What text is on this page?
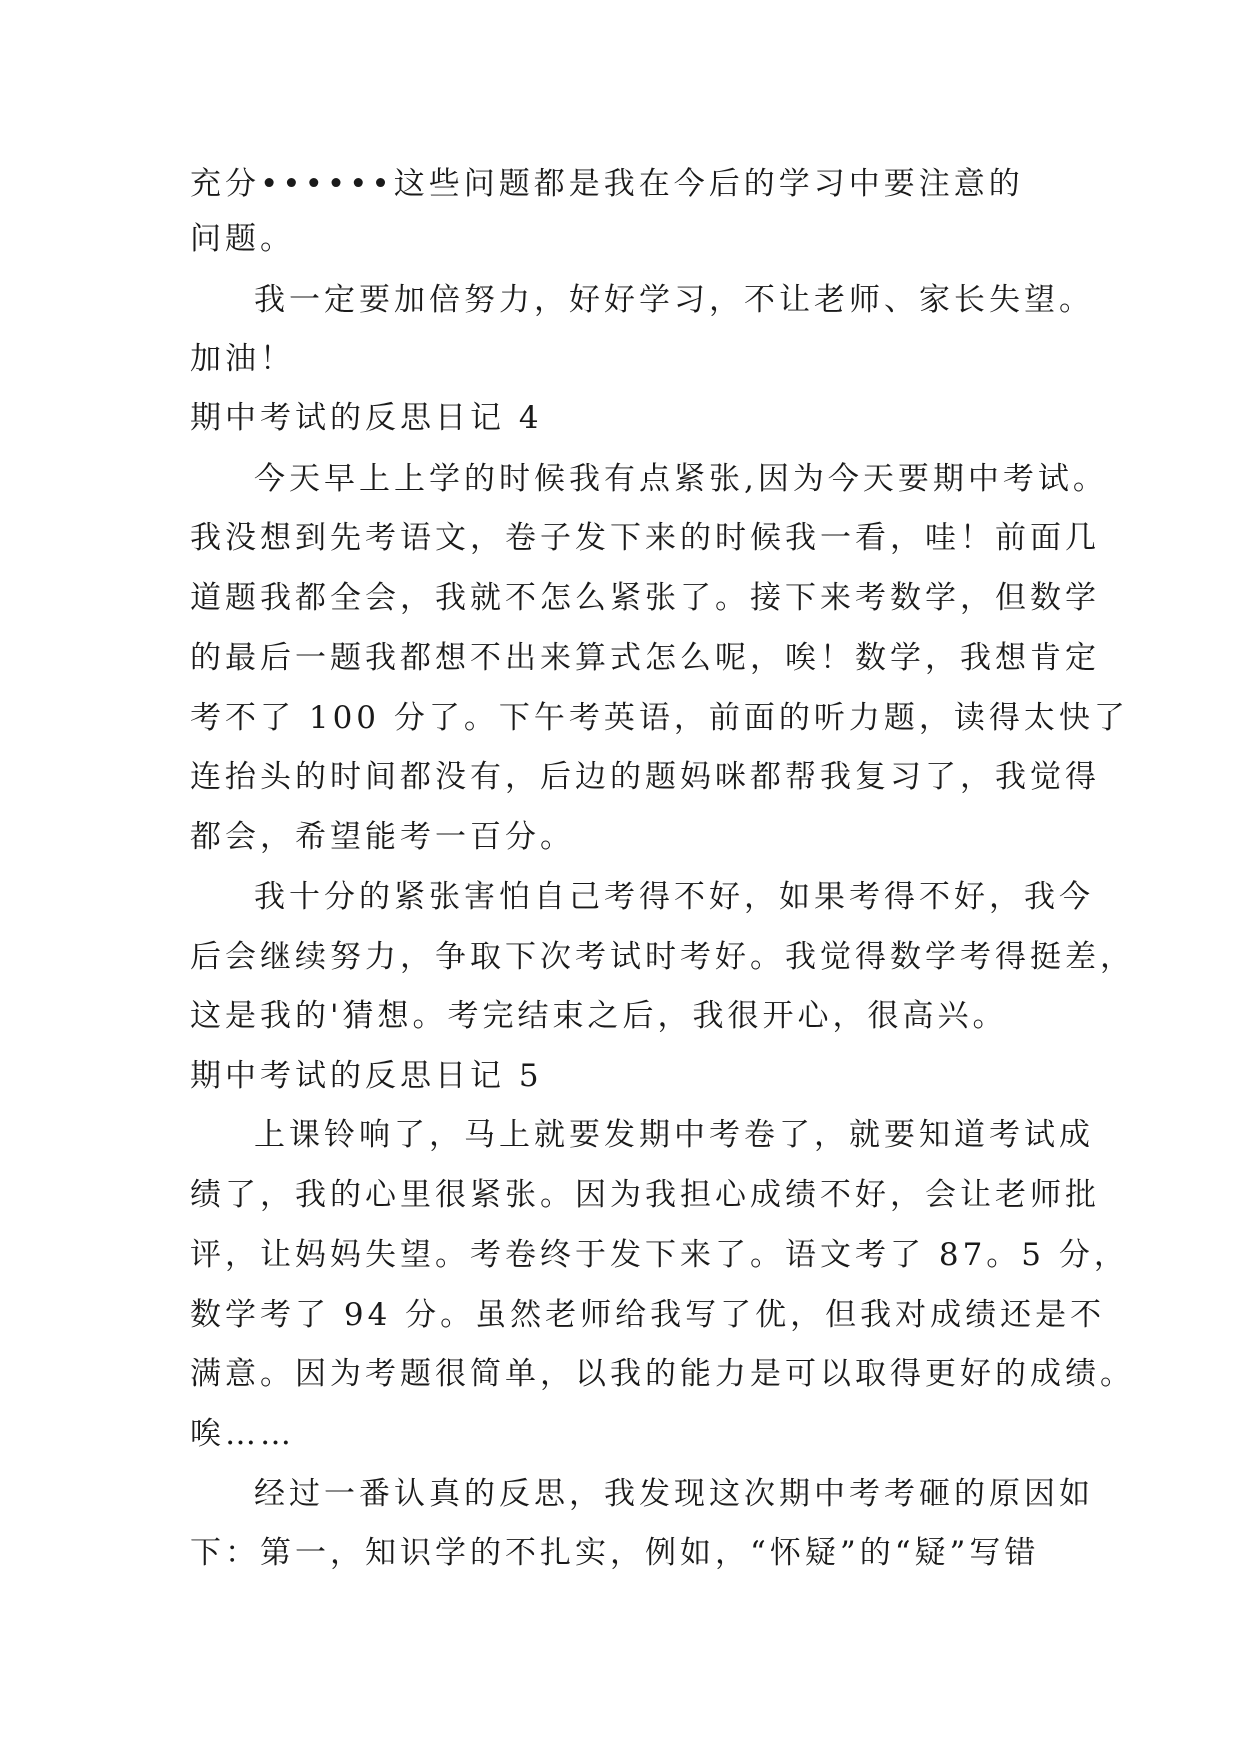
充分••••••这些问题都是我在今后的学习中要注意的

问题。

我一定要加倍努力，好好学习，不让老师、家长失望。

加油！

期中考试的反思日记 4

今天早上上学的时候我有点紧张,因为今天要期中考试。

我没想到先考语文，卷子发下来的时候我一看，哇！前面几

道题我都全会，我就不怎么紧张了。接下来考数学，但数学

的最后一题我都想不出来算式怎么呢，唉！数学，我想肯定

考不了 100 分了。下午考英语，前面的听力题，读得太快了

连抬头的时间都没有，后边的题妈咪都帮我复习了，我觉得

都会，希望能考一百分。

我十分的紧张害怕自己考得不好，如果考得不好，我今

后会继续努力，争取下次考试时考好。我觉得数学考得挺差，

这是我的'猜想。考完结束之后，我很开心，很高兴。

期中考试的反思日记 5

上课铃响了，马上就要发期中考卷了，就要知道考试成

绩了，我的心里很紧张。因为我担心成绩不好，会让老师批

评，让妈妈失望。考卷终于发下来了。语文考了 87。5 分，

数学考了 94 分。虽然老师给我写了优，但我对成绩还是不

满意。因为考题很简单，以我的能力是可以取得更好的成绩。

唉……

经过一番认真的反思，我发现这次期中考考砸的原因如

下：第一，知识学的不扎实，例如，“怀疑”的“疑”写错
